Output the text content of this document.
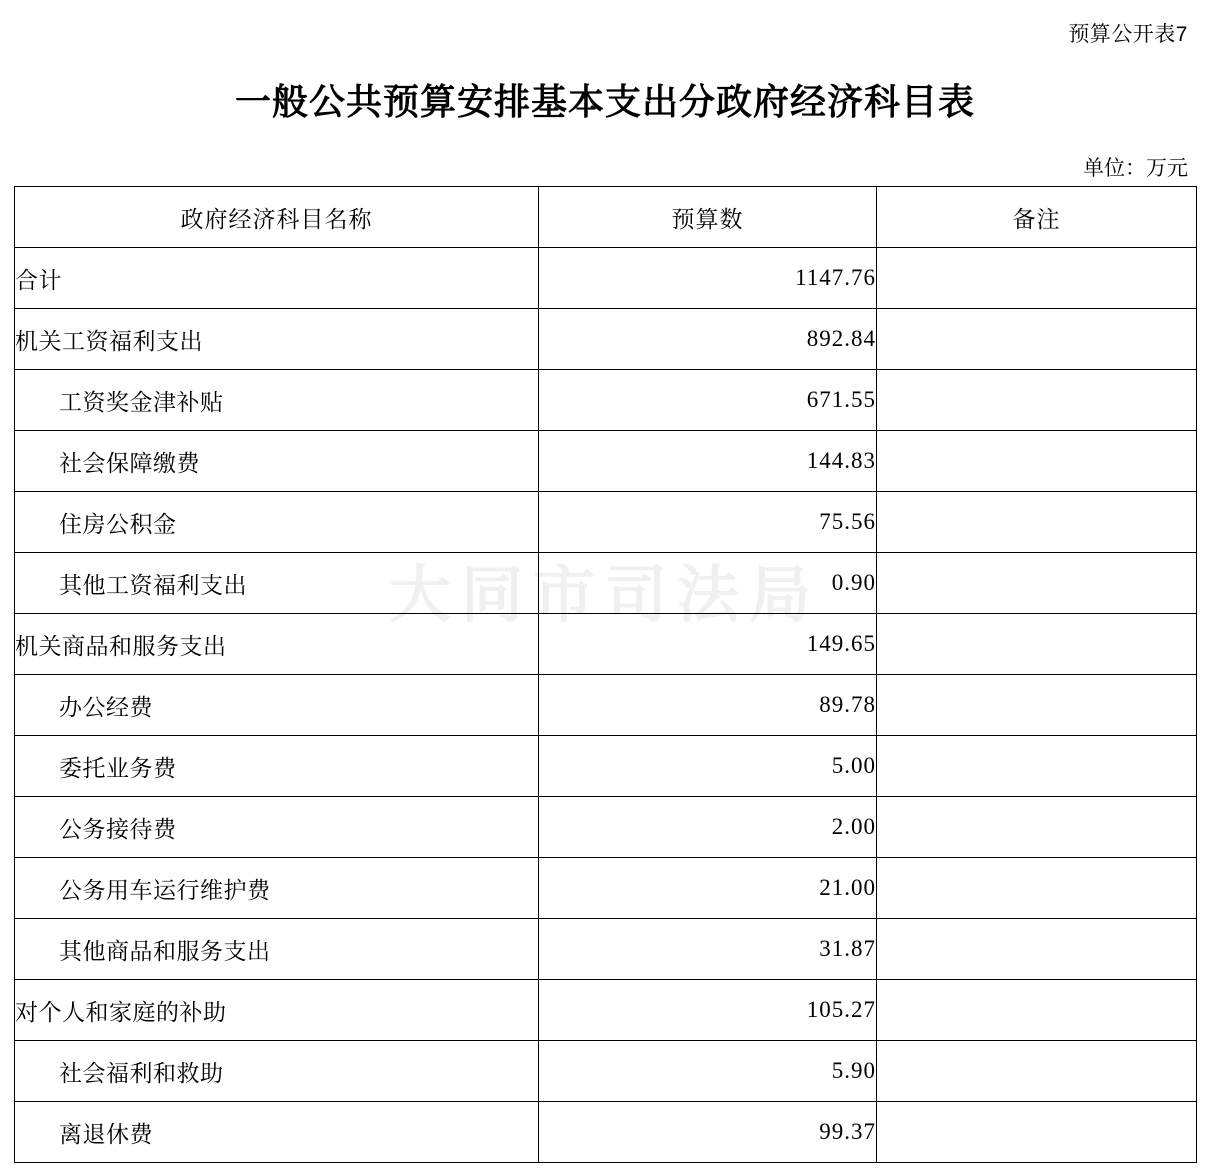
预算公开表7
一般公共预算安排基本支出分政府经济科目表
单位：万元
大同市司法局
政府经济科目名称	预算数	备注
合计	1147.76	
机关工资福利支出	892.84	
工资奖金津补贴	671.55	
社会保障缴费	144.83	
住房公积金	75.56	
其他工资福利支出	0.90	
机关商品和服务支出	149.65	
办公经费	89.78	
委托业务费	5.00	
公务接待费	2.00	
公务用车运行维护费	21.00	
其他商品和服务支出	31.87	
对个人和家庭的补助	105.27	
社会福利和救助	5.90	
离退休费	99.37	
